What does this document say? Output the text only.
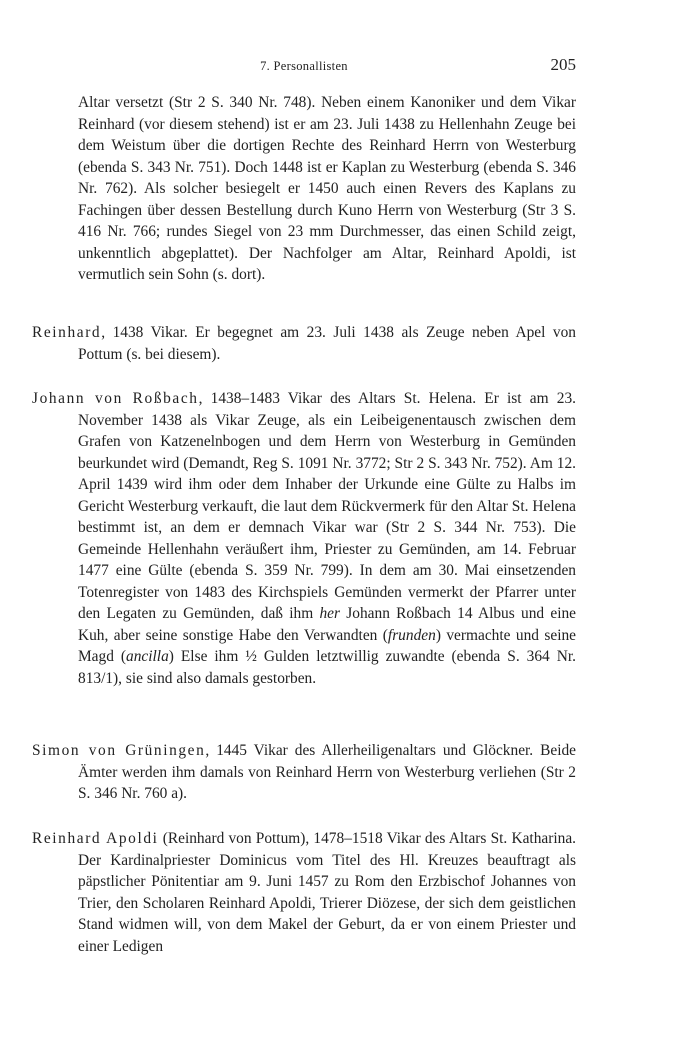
7. Personallisten	205

Altar versetzt (Str 2 S. 340 Nr. 748). Neben einem Kanoniker und dem Vikar Reinhard (vor diesem stehend) ist er am 23. Juli 1438 zu Hellenhahn Zeuge bei dem Weistum über die dortigen Rechte des Reinhard Herrn von Westerburg (ebenda S. 343 Nr. 751). Doch 1448 ist er Kaplan zu Westerburg (ebenda S. 346 Nr. 762). Als solcher besiegelt er 1450 auch einen Revers des Kaplans zu Fachingen über dessen Bestellung durch Kuno Herrn von Westerburg (Str 3 S. 416 Nr. 766; rundes Siegel von 23 mm Durchmesser, das einen Schild zeigt, unkenntlich abgeplattet). Der Nachfolger am Altar, Reinhard Apoldi, ist vermutlich sein Sohn (s. dort).

Reinhard, 1438 Vikar. Er begegnet am 23. Juli 1438 als Zeuge neben Apel von Pottum (s. bei diesem).

Johann von Roßbach, 1438–1483 Vikar des Altars St. Helena. Er ist am 23. November 1438 als Vikar Zeuge, als ein Leibeigenentausch zwischen dem Grafen von Katzenelnbogen und dem Herrn von Westerburg in Gemünden beurkundet wird (Demandt, Reg S. 1091 Nr. 3772; Str 2 S. 343 Nr. 752). Am 12. April 1439 wird ihm oder dem Inhaber der Urkunde eine Gülte zu Halbs im Gericht Westerburg verkauft, die laut dem Rückvermerk für den Altar St. Helena bestimmt ist, an dem er demnach Vikar war (Str 2 S. 344 Nr. 753). Die Gemeinde Hellenhahn veräußert ihm, Priester zu Gemünden, am 14. Februar 1477 eine Gülte (ebenda S. 359 Nr. 799). In dem am 30. Mai einsetzenden Totenregister von 1483 des Kirchspiels Gemünden vermerkt der Pfarrer unter den Legaten zu Gemünden, daß ihm her Johann Roßbach 14 Albus und eine Kuh, aber seine sonstige Habe den Verwandten (frunden) vermachte und seine Magd (ancilla) Else ihm ½ Gulden letztwillig zuwandte (ebenda S. 364 Nr. 813/1), sie sind also damals gestorben.

Simon von Grüningen, 1445 Vikar des Allerheiligenaltars und Glöckner. Beide Ämter werden ihm damals von Reinhard Herrn von Westerburg verliehen (Str 2 S. 346 Nr. 760 a).

Reinhard Apoldi (Reinhard von Pottum), 1478–1518 Vikar des Altars St. Katharina. Der Kardinalpriester Dominicus vom Titel des Hl. Kreuzes beauftragt als päpstlicher Pönitentiar am 9. Juni 1457 zu Rom den Erzbischof Johannes von Trier, den Scholaren Reinhard Apoldi, Trierer Diözese, der sich dem geistlichen Stand widmen will, von dem Makel der Geburt, da er von einem Priester und einer Ledigen
